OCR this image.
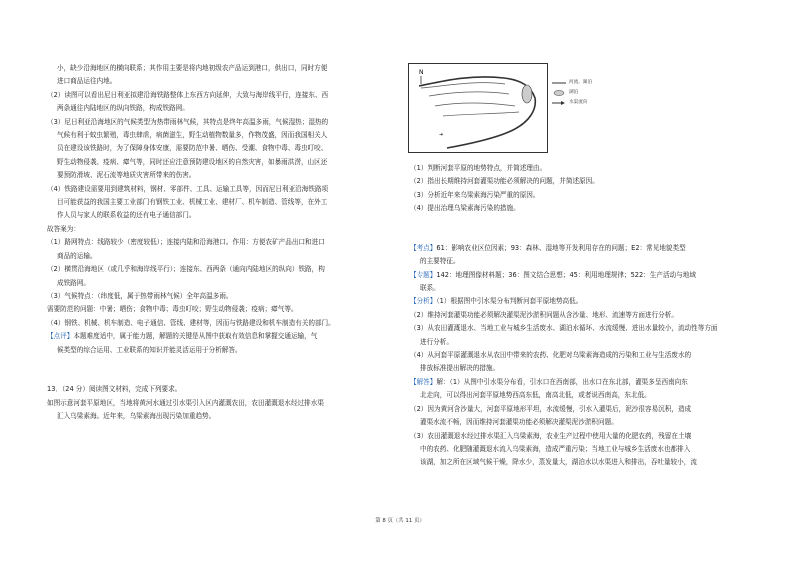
小，缺少沿海地区的横向联系；其作用主要是将内地初级农产品运到港口，供出口，同时方便

进口商品运往内地。

（2）读图可以看出尼日利亚拟建沿海铁路整体上东西方向延伸，大致与海岸线平行，连接东、西

两条通往内陆地区的纵向铁路，构成铁路网。

（3）尼日利亚沿海地区的气候类型为热带雨林气候，其特点是终年高温多雨，气候湿热；湿热的

气候有利于蚊虫繁殖，毒虫肆虐，病菌滋生，野生动植物数量多，作物茂盛，因而我国相关人

员在建设该铁路时，为了保障身体安康，需要防范中暑、晒伤、受潮、食物中毒、毒虫叮咬、

野生动物侵袭、疫病、瘴气等，同时还应注意预防建设地区的自然灾害，如暴雨洪涝，山区还

要预防滑坡、泥石流等地质灾害所带来的伤害。

（4）铁路建设需要用到建筑材料，钢材、零部件、工具、运输工具等，因而尼日利亚沿海铁路项

目可能获益的我国主要工业部门有钢铁工业、机械工业、建材厂、机车制造、管线等，在外工

作人员与家人的联系收益的还有电子通信部门。

故答案为：

（1）路网特点：线路较少（密度较低）；连接内陆和沿海港口。作用：方便农矿产品出口和进口

商品的运输。

（2）横贯沿海地区（或几乎和海岸线平行）；连接东、西两条（通向内陆地区的纵向）铁路，构

成铁路网。

（3）气候特点：（纬度低，属于热带雨林气候）全年高温多雨。

需要防范的问题：中暑；晒伤；食物中毒；毒虫叮咬；野生动物侵袭；疫病；瘴气等。

（4）钢铁、机械、机车制造、电子通信、管线、建材等，因而与铁路建设和机车制造有关的部门。

【点评】本题难度适中，属于能力题，解题的关键是从图中获取有效信息和掌握交通运输，气

候类型的综合运用、工业联系的知识并能灵活运用于分析解答。

13．（24 分）阅读图文材料，完成下列要求。

如图示意河套平原地区，当地将黄河水通过引水渠引入区内灌溉农田，农田灌溉退水经过排水渠

汇入乌梁素海。近年来，乌梁素海出现污染加重趋势。

N
➜
河流、湖泊
湖泊
水渠流向

（1）判断河套平原的地势特点，并简述理由。

（2）指出长期维持河套灌渠功能必须解决的问题，并简述原因。

（3）分析近年来乌梁素海污染严重的原因。

（4）提出治理乌梁素海污染的措施。

【考点】61：影响农业区位因素；93：森林、湿地等开发利用存在的问题；E2：常见地貌类型

的主要特征。

【专题】142：地理图像材料题；36：图文结合思想；45：利用地理规律；522：生产活动与地域

联系。

【分析】（1）根据图中引水渠分布判断河套平原地势高低。

（2）维持河套灌渠功能必须解决灌渠泥沙淤积问题从含沙量、地形、流速等方面进行分析。

（3）从农田灌溉退水、当地工业与城乡生活废水、湖泊水循环、水流缓慢、进出水量较小，流动性等方面

进行分析。

（4）从河套平原灌溉退水从农田中带来的农药、化肥对乌梁素海造成的污染和工业与生活废水的

排放标准提出解决的措施。

【解答】解：（1）从图中引水渠分布看，引水口在西南部，出水口在东北部，灌渠多呈西南向东

北走向，可以得出河套平原地势西高东低，南高北低，或者说西南高，东北低。

（2）因为黄河含沙量大，河套平原地形平坦，水流缓慢，引水入灌渠后，泥沙很容易沉积，造成

灌渠水流不畅，因而维持河套灌渠功能必须解决灌渠泥沙淤积问题。

（3）农田灌溉退水经过排水渠汇入乌梁素海，农业生产过程中使用大量的化肥农药，残留在土壤

中的农药、化肥随灌溉退水流入乌梁素海，造成严重污染；当地工业与城乡生活废水也都排入

该湖，加之所在区域气候干燥，降水少，蒸发量大，湖泊水以水渠进入和排出，吞吐量较小，流

第 8 页（共 11 页）
